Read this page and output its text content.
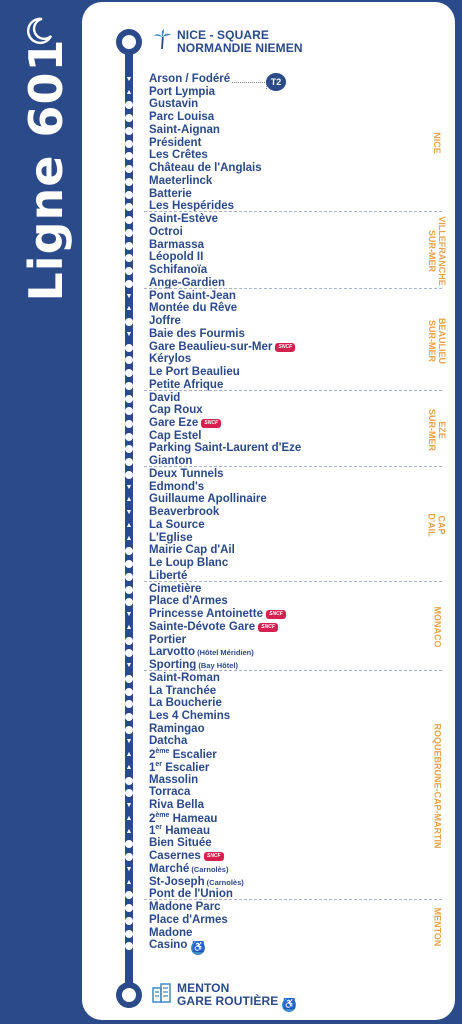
Ligne 601
NICE - SQUARE
NORMANDIE NIEMEN
MENTON
GARE ROUTIÈRE ♿
T2
▼ Arson / Fodéré
▲ Port Lympia
Gustavin
Parc Louisa
Saint-Aignan
Président
Les Crêtes
Château de l'Anglais
Maeterlinck
Batterie
Les Hespérides
Saint-Estève
Octroi
Barmassa
Léopold II
Schifanoïa
Ange-Gardien
▼ Pont Saint-Jean
▲ Montée du Rêve
Joffre
▼ Baie des Fourmis
Gare Beaulieu-sur-Mer SNCF
Kérylos
Le Port Beaulieu
Petite Afrique
David
Cap Roux
Gare Eze SNCF
Cap Estel
Parking Saint-Laurent d'Eze
Gianton
Deux Tunnels
▼ Edmond's
▲ Guillaume Apollinaire
▼ Beaverbrook
▲ La Source
▲ L'Eglise
Mairie Cap d'Ail
Le Loup Blanc
Liberté
Cimetière
Place d'Armes
▼ Princesse Antoinette SNCF
▲ Sainte-Dévote Gare SNCF
Portier
Larvotto (Hôtel Méridien)
▼ Sporting (Bay Hôtel)
Saint-Roman
La Tranchée
La Boucherie
Les 4 Chemins
Ramingao
▼ Datcha
▲ 2ème Escalier
▲ 1er Escalier
Massolin
Torraca
▼ Riva Bella
▲ 2ème Hameau
▲ 1er Hameau
Bien Située
Casernes SNCF
▼ Marché (Carnolès)
▲ St-Joseph (Carnolès)
Pont de l'Union
Madone Parc
Place d'Armes
Madone
Casino ♿
NICE
VILLEFRANCHE
SUR-MER
BEAULIEU
SUR-MER
EZE
SUR-MER
CAP
D'AIL
MONACO
ROQUEBRUNE-CAP-MARTIN
MENTON
